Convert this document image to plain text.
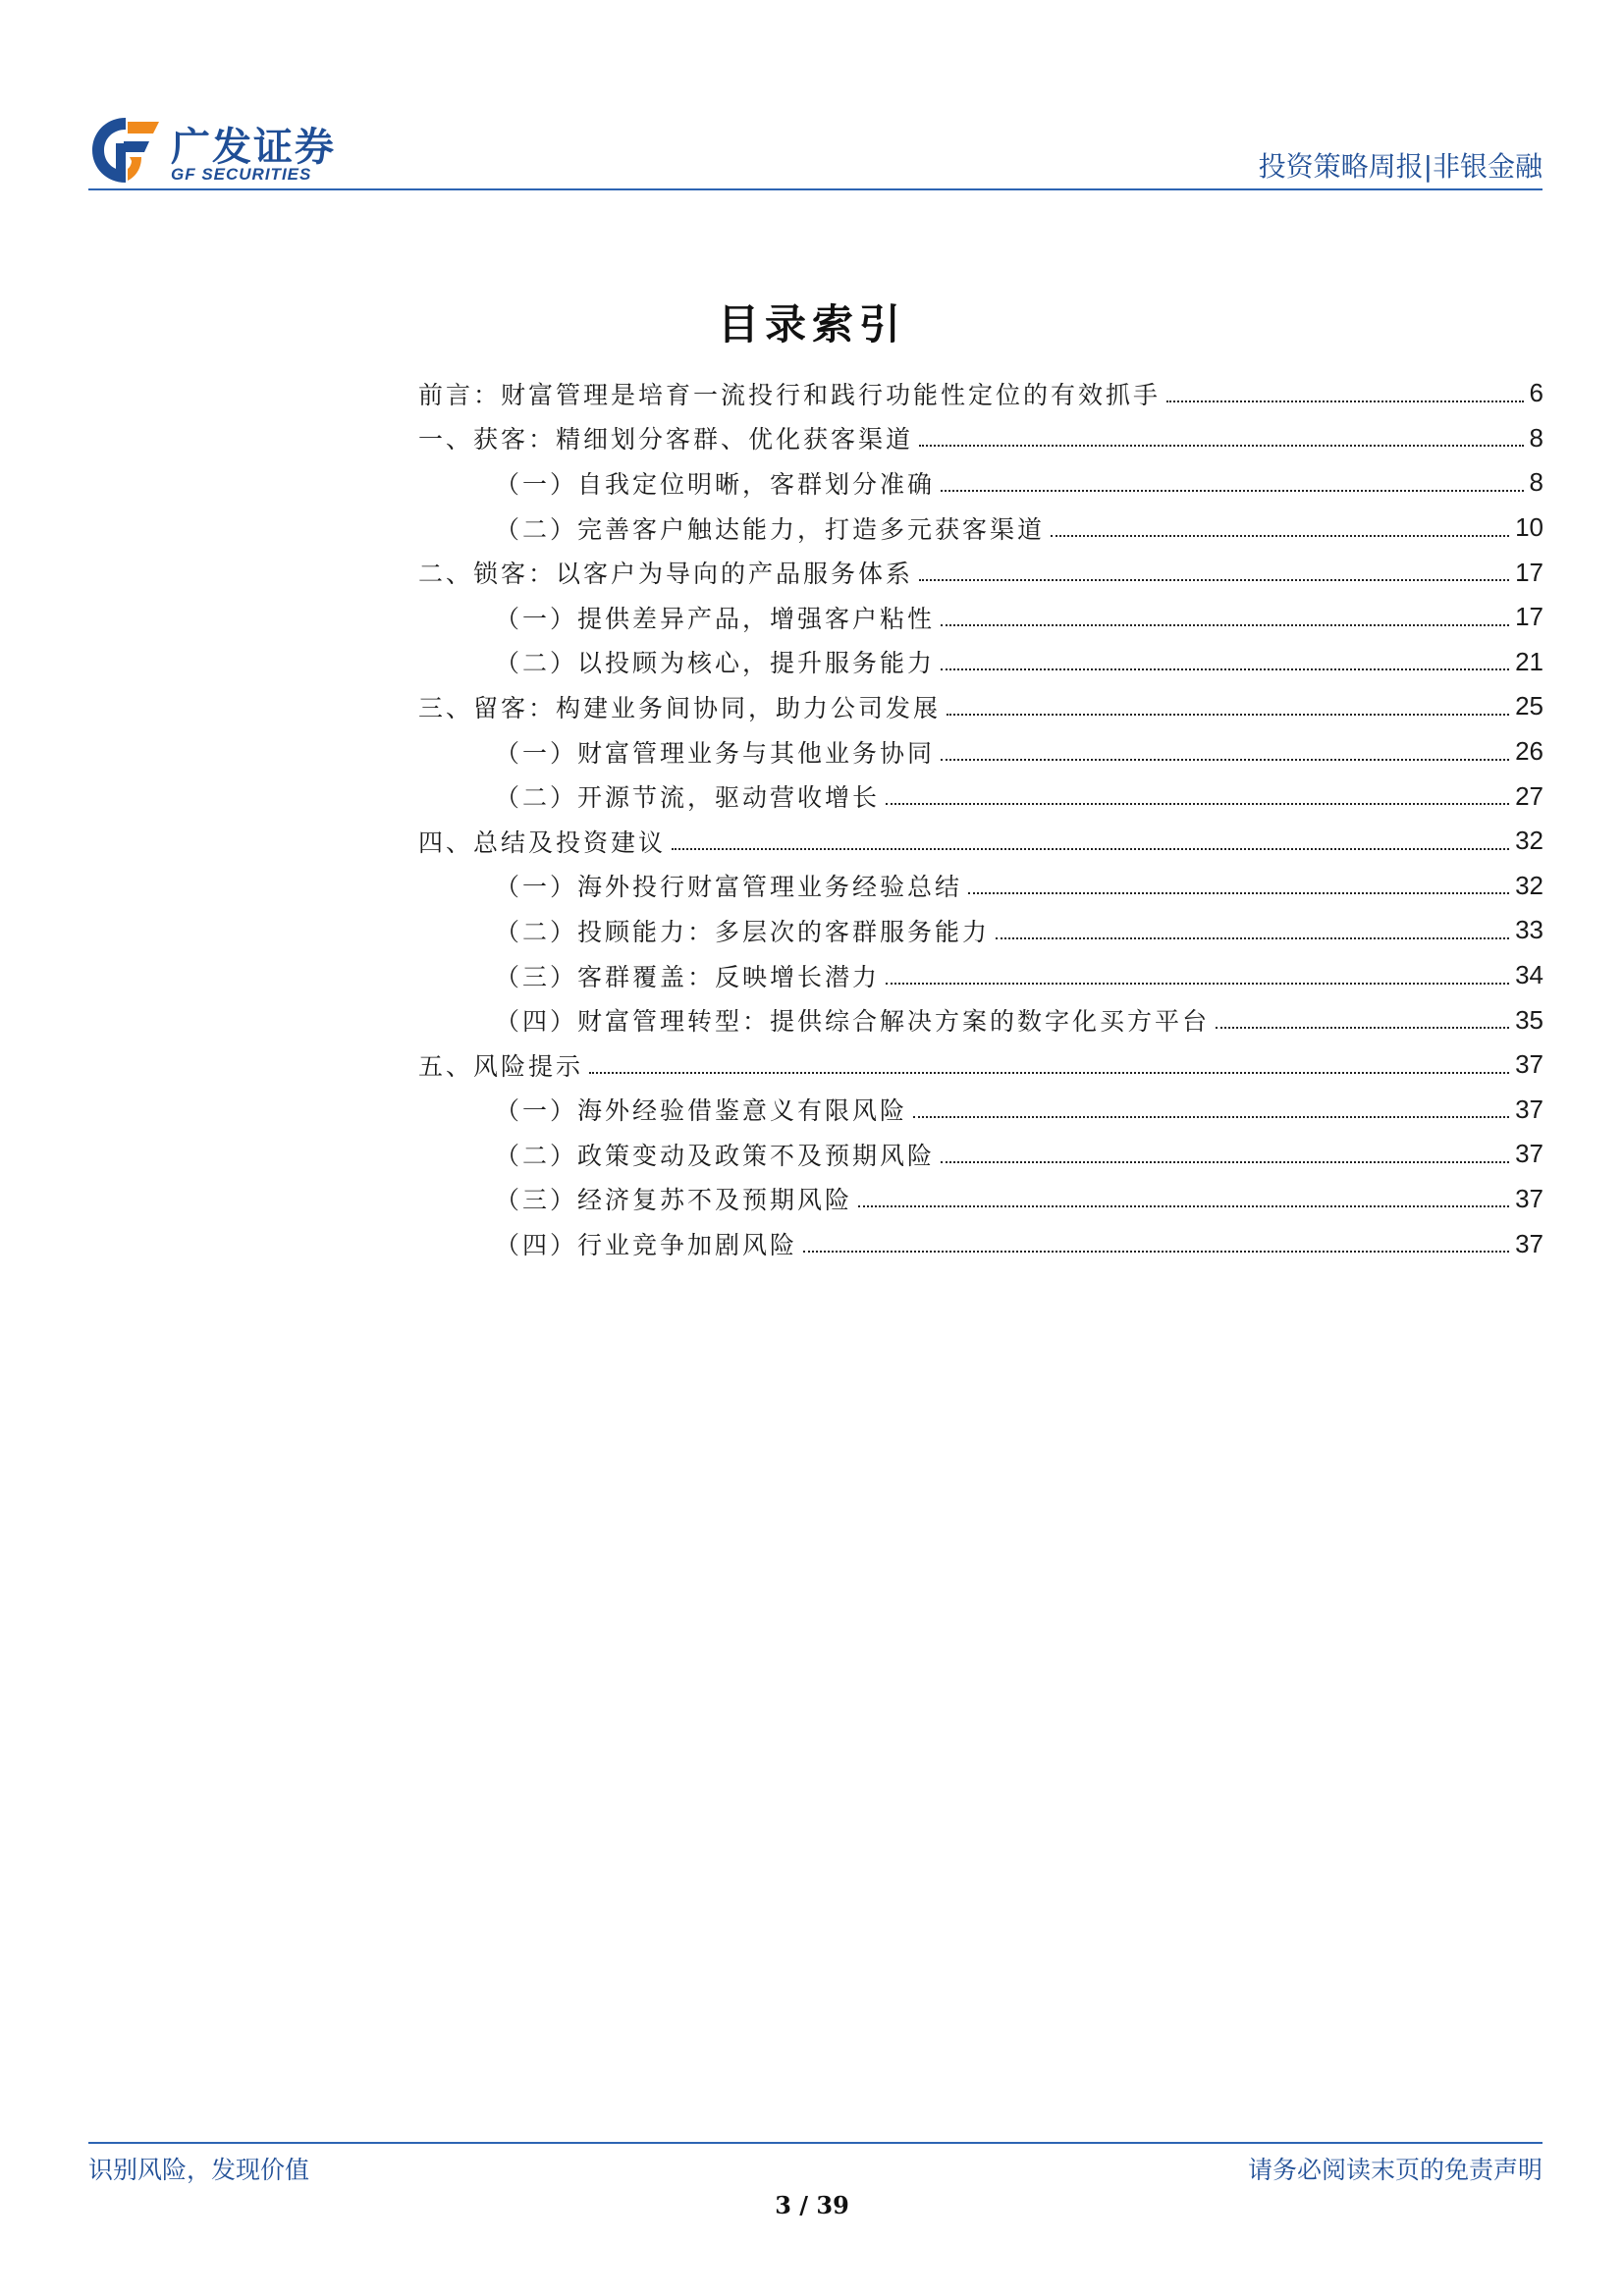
广发证券
GF SECURITIES	投资策略周报|非银金融
目录索引
前言：财富管理是培育一流投行和践行功能性定位的有效抓手	6
一、获客：精细划分客群、优化获客渠道	8
（一）自我定位明晰，客群划分准确	8
（二）完善客户触达能力，打造多元获客渠道	10
二、锁客：以客户为导向的产品服务体系	17
（一）提供差异产品，增强客户粘性	17
（二）以投顾为核心，提升服务能力	21
三、留客：构建业务间协同，助力公司发展	25
（一）财富管理业务与其他业务协同	26
（二）开源节流，驱动营收增长	27
四、总结及投资建议	32
（一）海外投行财富管理业务经验总结	32
（二）投顾能力：多层次的客群服务能力	33
（三）客群覆盖：反映增长潜力	34
（四）财富管理转型：提供综合解决方案的数字化买方平台	35
五、风险提示	37
（一）海外经验借鉴意义有限风险	37
（二）政策变动及政策不及预期风险	37
（三）经济复苏不及预期风险	37
（四）行业竞争加剧风险	37
识别风险，发现价值	请务必阅读末页的免责声明
3 / 39
